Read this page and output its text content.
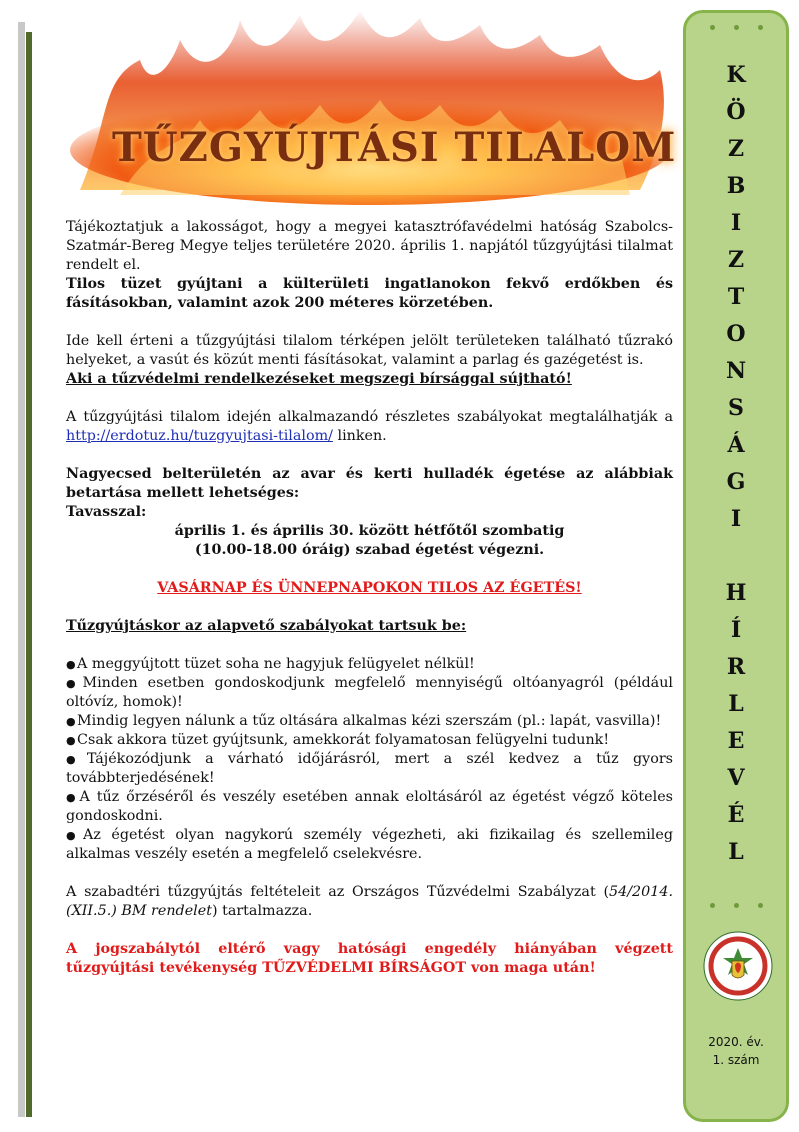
TŰZGYÚJTÁSI TILALOM

Tájékoztatjuk a lakosságot, hogy a megyei katasztrófavédelmi hatóság Szabolcs-Szatmár-Bereg Megye teljes területére 2020. április 1. napjától tűzgyújtási tilalmat rendelt el.

Tilos tüzet gyújtani a külterületi ingatlanokon fekvő erdőkben és fásításokban, valamint azok 200 méteres körzetében.

Ide kell érteni a tűzgyújtási tilalom térképen jelölt területeken található tűzrakó helyeket, a vasút és közút menti fásításokat, valamint a parlag és gazégetést is.

Aki a tűzvédelmi rendelkezéseket megszegi bírsággal sújtható!

A tűzgyújtási tilalom idején alkalmazandó részletes szabályokat megtalálhatják a http://erdotuz.hu/tuzgyujtasi-tilalom/ linken.

Nagyecsed belterületén az avar és kerti hulladék égetése az alábbiak betartása mellett lehetséges:

Tavasszal:

április 1. és április 30. között hétfőtől szombatig

(10.00-18.00 óráig) szabad égetést végezni.

VASÁRNAP ÉS ÜNNEPNAPOKON TILOS AZ ÉGETÉS!

Tűzgyújtáskor az alapvető szabályokat tartsuk be:

● A meggyújtott tüzet soha ne hagyjuk felügyelet nélkül!

● Minden esetben gondoskodjunk megfelelő mennyiségű oltóanyagról (például oltóvíz, homok)!

● Mindig legyen nálunk a tűz oltására alkalmas kézi szerszám (pl.: lapát, vasvilla)!

● Csak akkora tüzet gyújtsunk, amekkorát folyamatosan felügyelni tudunk!

● Tájékozódjunk a várható időjárásról, mert a szél kedvez a tűz gyors továbbterjedésének!

● A tűz őrzéséről és veszély esetében annak eloltásáról az égetést végző köteles gondoskodni.

● Az égetést olyan nagykorú személy végezheti, aki fizikailag és szellemileg alkalmas veszély esetén a megfelelő cselekvésre.

A szabadtéri tűzgyújtás feltételeit az Országos Tűzvédelmi Szabályzat (54/2014. (XII.5.) BM rendelet) tartalmazza.

A jogszabálytól eltérő vagy hatósági engedély hiányában végzett tűzgyújtási tevékenység TŰZVÉDELMI BÍRSÁGOT von maga után!

K
Ö
Z
B
I
Z
T
O
N
S
Á
G
I
H
Í
R
L
E
V
É
L
2020. év.
1. szám
